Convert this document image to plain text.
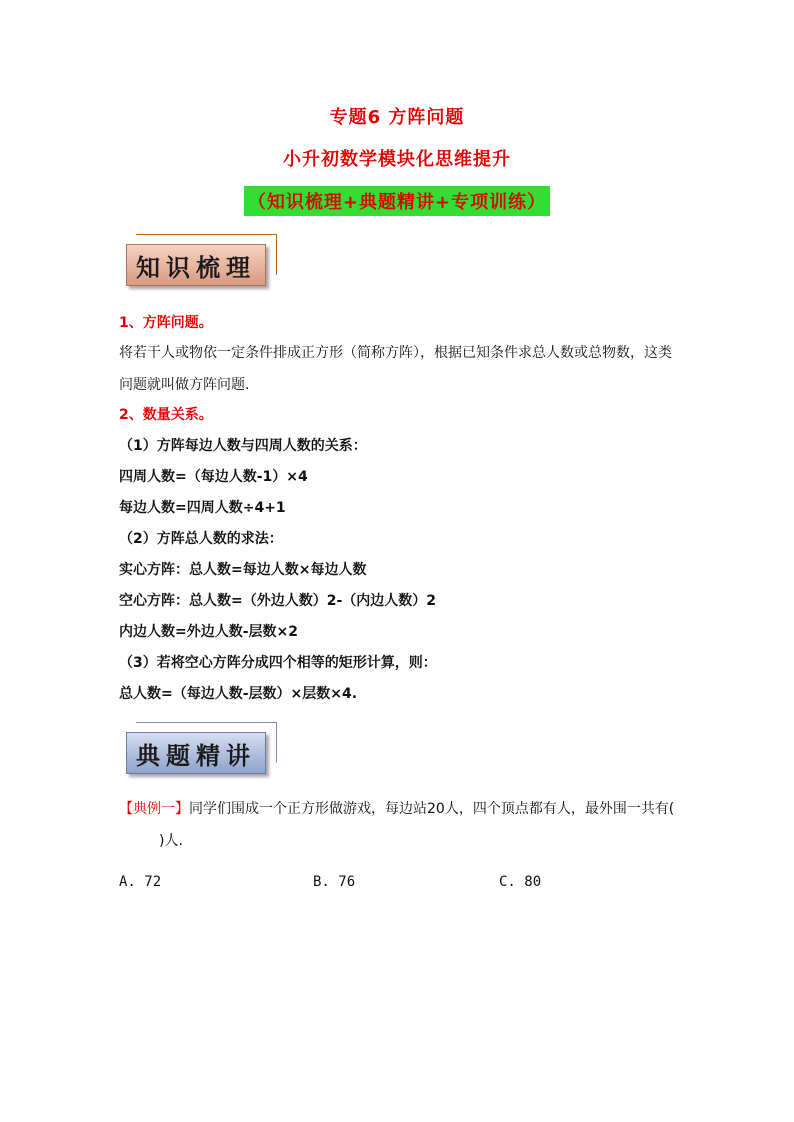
专题6 方阵问题
小升初数学模块化思维提升
（知识梳理+典题精讲+专项训练）
知识梳理
1、方阵问题。
将若干人或物依一定条件排成正方形（简称方阵），根据已知条件求总人数或总物数，这类问题就叫做方阵问题.
2、数量关系。
（1）方阵每边人数与四周人数的关系：
四周人数=（每边人数-1）×4
每边人数=四周人数÷4+1
（2）方阵总人数的求法：
实心方阵：总人数=每边人数×每边人数
空心方阵：总人数=（外边人数）2-（内边人数）2
内边人数=外边人数-层数×2
（3）若将空心方阵分成四个相等的矩形计算，则：
总人数=（每边人数-层数）×层数×4.
典题精讲
【典例一】同学们围成一个正方形做游戏，每边站20人，四个顶点都有人，最外围一共有()人.
A. 72	B. 76	C. 80
